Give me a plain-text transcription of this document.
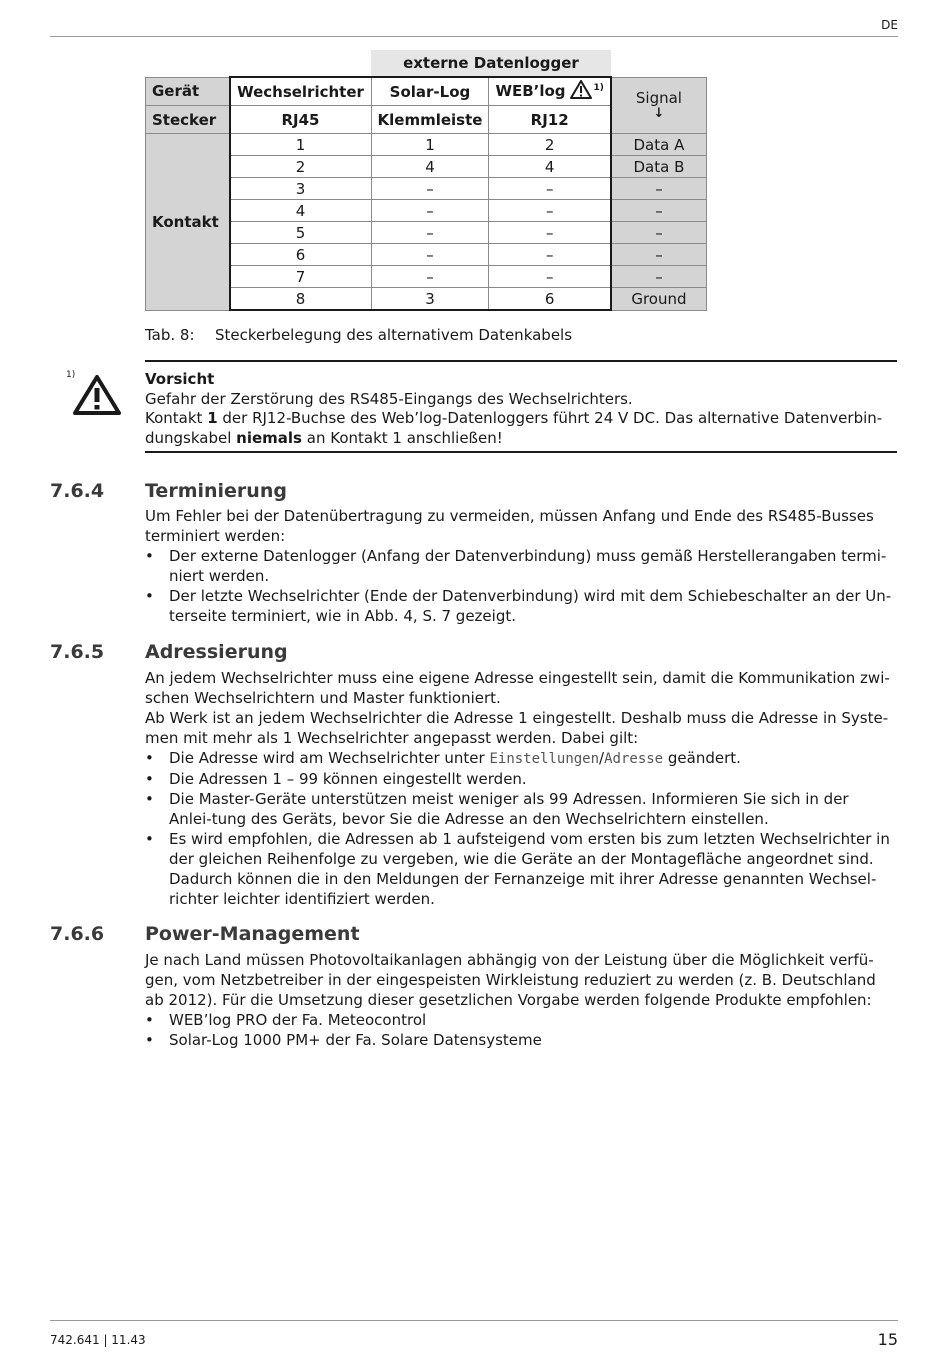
DE
		externe Datenlogger		
Gerät	Wechselrichter	Solar-Log	WEB’log $^{1)}$	Signal
↓

Stecker	RJ45	Klemmleiste	RJ12	
Kontakt	1	1	2	Data A
	2	4	4	Data B
	3	–	–	–
	4	–	–	–
	5	–	–	–
	6	–	–	–
	7	–	–	–
	8	3	6	Ground
Tab. 8: Steckerbelegung des alternativem Datenkabels
1)	Vorsicht
Gefahr der Zerstörung des RS485-Eingangs des Wechselrichters.
Kontakt 1 der RJ12-Buchse des Web’log-Datenloggers führt 24 V DC. Das alternative Datenverbin-
dungskabel niemals an Kontakt 1 anschließen!
7.6.4 Terminierung

Um Fehler bei der Datenübertragung zu vermeiden, müssen Anfang und Ende des RS485-Busses terminiert werden:

• Der externe Datenlogger (Anfang der Datenverbindung) muss gemäß Herstellerangaben termi-niert werden.
• Der letzte Wechselrichter (Ende der Datenverbindung) wird mit dem Schiebeschalter an der Un-terseite terminiert, wie in Abb. 4, S. 7 gezeigt.
7.6.5 Adressierung

An jedem Wechselrichter muss eine eigene Adresse eingestellt sein, damit die Kommunikation zwi-schen Wechselrichtern und Master funktioniert.

Ab Werk ist an jedem Wechselrichter die Adresse 1 eingestellt. Deshalb muss die Adresse in Syste-men mit mehr als 1 Wechselrichter angepasst werden. Dabei gilt:

• Die Adresse wird am Wechselrichter unter Einstellungen/Adresse geändert.
• Die Adressen 1 – 99 können eingestellt werden.
• Die Master-Geräte unterstützen meist weniger als 99 Adressen. Informieren Sie sich in der Anlei-tung des Geräts, bevor Sie die Adresse an den Wechselrichtern einstellen.
• Es wird empfohlen, die Adressen ab 1 aufsteigend vom ersten bis zum letzten Wechselrichter in der gleichen Reihenfolge zu vergeben, wie die Geräte an der Montagefläche angeordnet sind. Dadurch können die in den Meldungen der Fernanzeige mit ihrer Adresse genannten Wechsel-richter leichter identifiziert werden.
7.6.6 Power-Management

Je nach Land müssen Photovoltaikanlagen abhängig von der Leistung über die Möglichkeit verfü-gen, vom Netzbetreiber in der eingespeisten Wirkleistung reduziert zu werden (z. B. Deutschland ab 2012). Für die Umsetzung dieser gesetzlichen Vorgabe werden folgende Produkte empfohlen:

• WEB’log PRO der Fa. Meteocontrol
• Solar-Log 1000 PM+ der Fa. Solare Datensysteme
742.641 | 11.43	15
